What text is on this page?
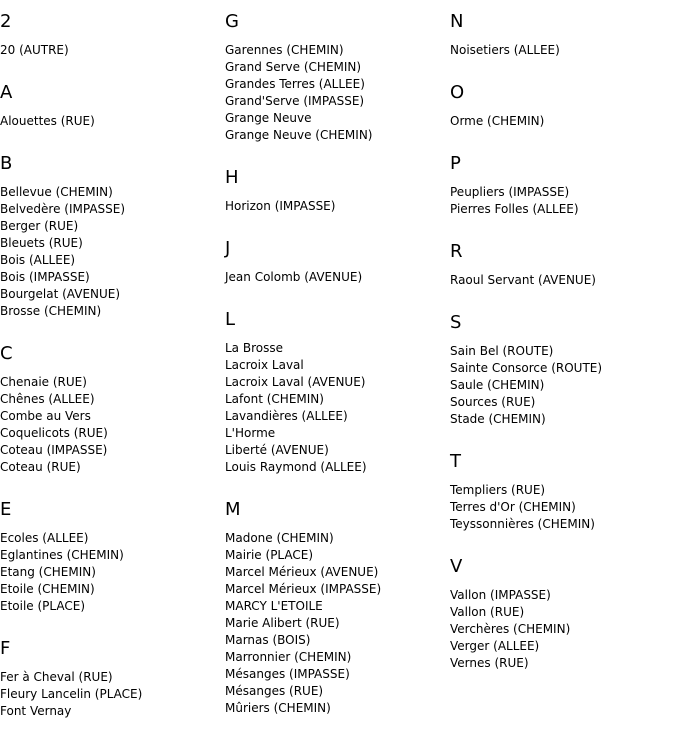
2
20 (AUTRE)
A
Alouettes (RUE)
B
Bellevue (CHEMIN)
Belvedère (IMPASSE)
Berger (RUE)
Bleuets (RUE)
Bois (ALLEE)
Bois (IMPASSE)
Bourgelat (AVENUE)
Brosse (CHEMIN)
C
Chenaie (RUE)
Chênes (ALLEE)
Combe au Vers
Coquelicots (RUE)
Coteau (IMPASSE)
Coteau (RUE)
E
Ecoles (ALLEE)
Eglantines (CHEMIN)
Etang (CHEMIN)
Etoile (CHEMIN)
Etoile (PLACE)
F
Fer à Cheval (RUE)
Fleury Lancelin (PLACE)
Font Vernay
G
Garennes (CHEMIN)
Grand Serve (CHEMIN)
Grandes Terres (ALLEE)
Grand'Serve (IMPASSE)
Grange Neuve
Grange Neuve (CHEMIN)
H
Horizon (IMPASSE)
J
Jean Colomb (AVENUE)
L
La Brosse
Lacroix Laval
Lacroix Laval (AVENUE)
Lafont (CHEMIN)
Lavandières (ALLEE)
L'Horme
Liberté (AVENUE)
Louis Raymond (ALLEE)
M
Madone (CHEMIN)
Mairie (PLACE)
Marcel Mérieux (AVENUE)
Marcel Mérieux (IMPASSE)
MARCY L'ETOILE
Marie Alibert (RUE)
Marnas (BOIS)
Marronnier (CHEMIN)
Mésanges (IMPASSE)
Mésanges (RUE)
Mûriers (CHEMIN)
N
Noisetiers (ALLEE)
O
Orme (CHEMIN)
P
Peupliers (IMPASSE)
Pierres Folles (ALLEE)
R
Raoul Servant (AVENUE)
S
Sain Bel (ROUTE)
Sainte Consorce (ROUTE)
Saule (CHEMIN)
Sources (RUE)
Stade (CHEMIN)
T
Templiers (RUE)
Terres d'Or (CHEMIN)
Teyssonnières (CHEMIN)
V
Vallon (IMPASSE)
Vallon (RUE)
Verchères (CHEMIN)
Verger (ALLEE)
Vernes (RUE)
